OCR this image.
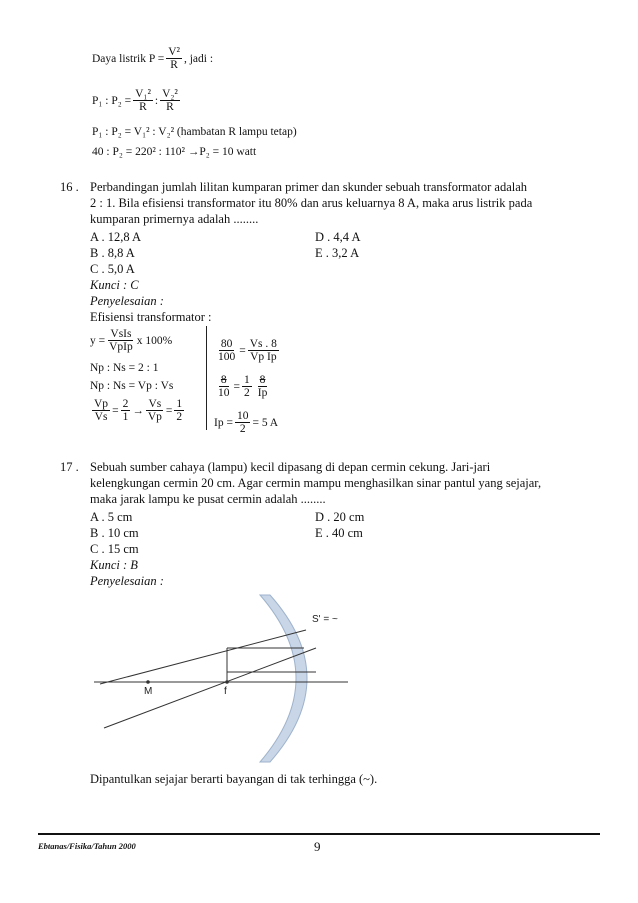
Daya listrik $P = \frac{\text{V²}}{R}$ , jadi :
P₁ : $P_2 = \frac{\text{V₁²}}{R}$ : $\frac{\text{V₂²}}{R}$
P₁ : P₂ = V₁² : V₂² (hambatan R lampu tetap)
40 : P₂ = 220² : 110² →P₂ = 10 watt
16 . Perbandingan jumlah lilitan kumparan primer dan skunder sebuah transformator adalah
2 : 1. Bila efisiensi transformator itu 80% dan arus keluarnya 8 A, maka arus listrik pada
kumparan primernya adalah ........
A . 12,8 A
B . 8,8 A
C . 5,0 A
D . 4,4 A
E . 3,2 A
Kunci : C
Penyelesaian :
Efisiensi transformator :
$y = \frac{\text{VsIs}}{\text{VpIp}}$ x 100%
Np : Ns = 2 : 1
Np : Ns = Vp : Vs
$\frac{Vp}{Vs} = \frac{2}{1} \to \frac{Vs}{Vp} = \frac{1}{2}$
$\frac{80}{100} = \frac{Vs . 8}{\text{Vp Ip}}$
$\frac{8}{10} = \frac{1}{2} \frac{8}{Ip}$
$Ip = \frac{10}{2} = 5$ A
17 . Sebuah sumber cahaya (lampu) kecil dipasang di depan cermin cekung. Jari-jari
kelengkungan cermin 20 cm. Agar cermin mampu menghasilkan sinar pantul yang sejajar,
maka jarak lampu ke pusat cermin adalah ........
A . 5 cm
B . 10 cm
C . 15 cm
D . 20 cm
E . 40 cm
Kunci : B
Penyelesaian :
M	f
S' = ~
Dipantulkan sejajar berarti bayangan di tak terhingga (~).
Ebtanas/Fisika/Tahun 2000	9
